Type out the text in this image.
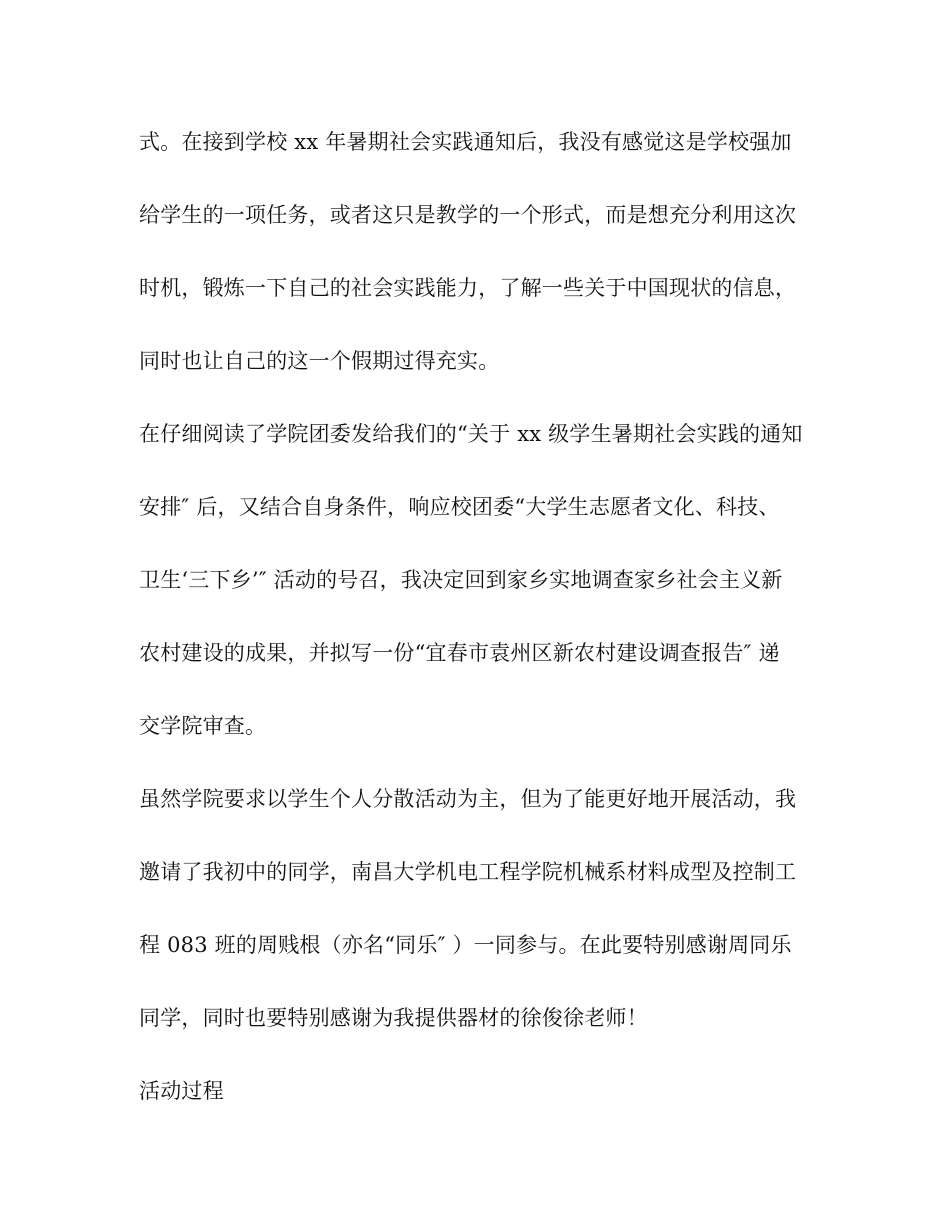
式。在接到学校 xx 年暑期社会实践通知后，我没有感觉这是学校强加
给学生的一项任务，或者这只是教学的一个形式，而是想充分利用这次
时机，锻炼一下自己的社会实践能力，了解一些关于中国现状的信息，
同时也让自己的这一个假期过得充实。
在仔细阅读了学院团委发给我们的“关于 xx 级学生暑期社会实践的通知
安排″ 后，又结合自身条件，响应校团委“大学生志愿者文化、科技、
卫生‘三下乡’″ 活动的号召，我决定回到家乡实地调查家乡社会主义新
农村建设的成果，并拟写一份“宜春市袁州区新农村建设调查报告″ 递
交学院审查。
虽然学院要求以学生个人分散活动为主，但为了能更好地开展活动，我
邀请了我初中的同学，南昌大学机电工程学院机械系材料成型及控制工
程 083 班的周贱根（亦名“同乐″ ）一同参与。在此要特别感谢周同乐
同学，同时也要特别感谢为我提供器材的徐俊徐老师！
活动过程
